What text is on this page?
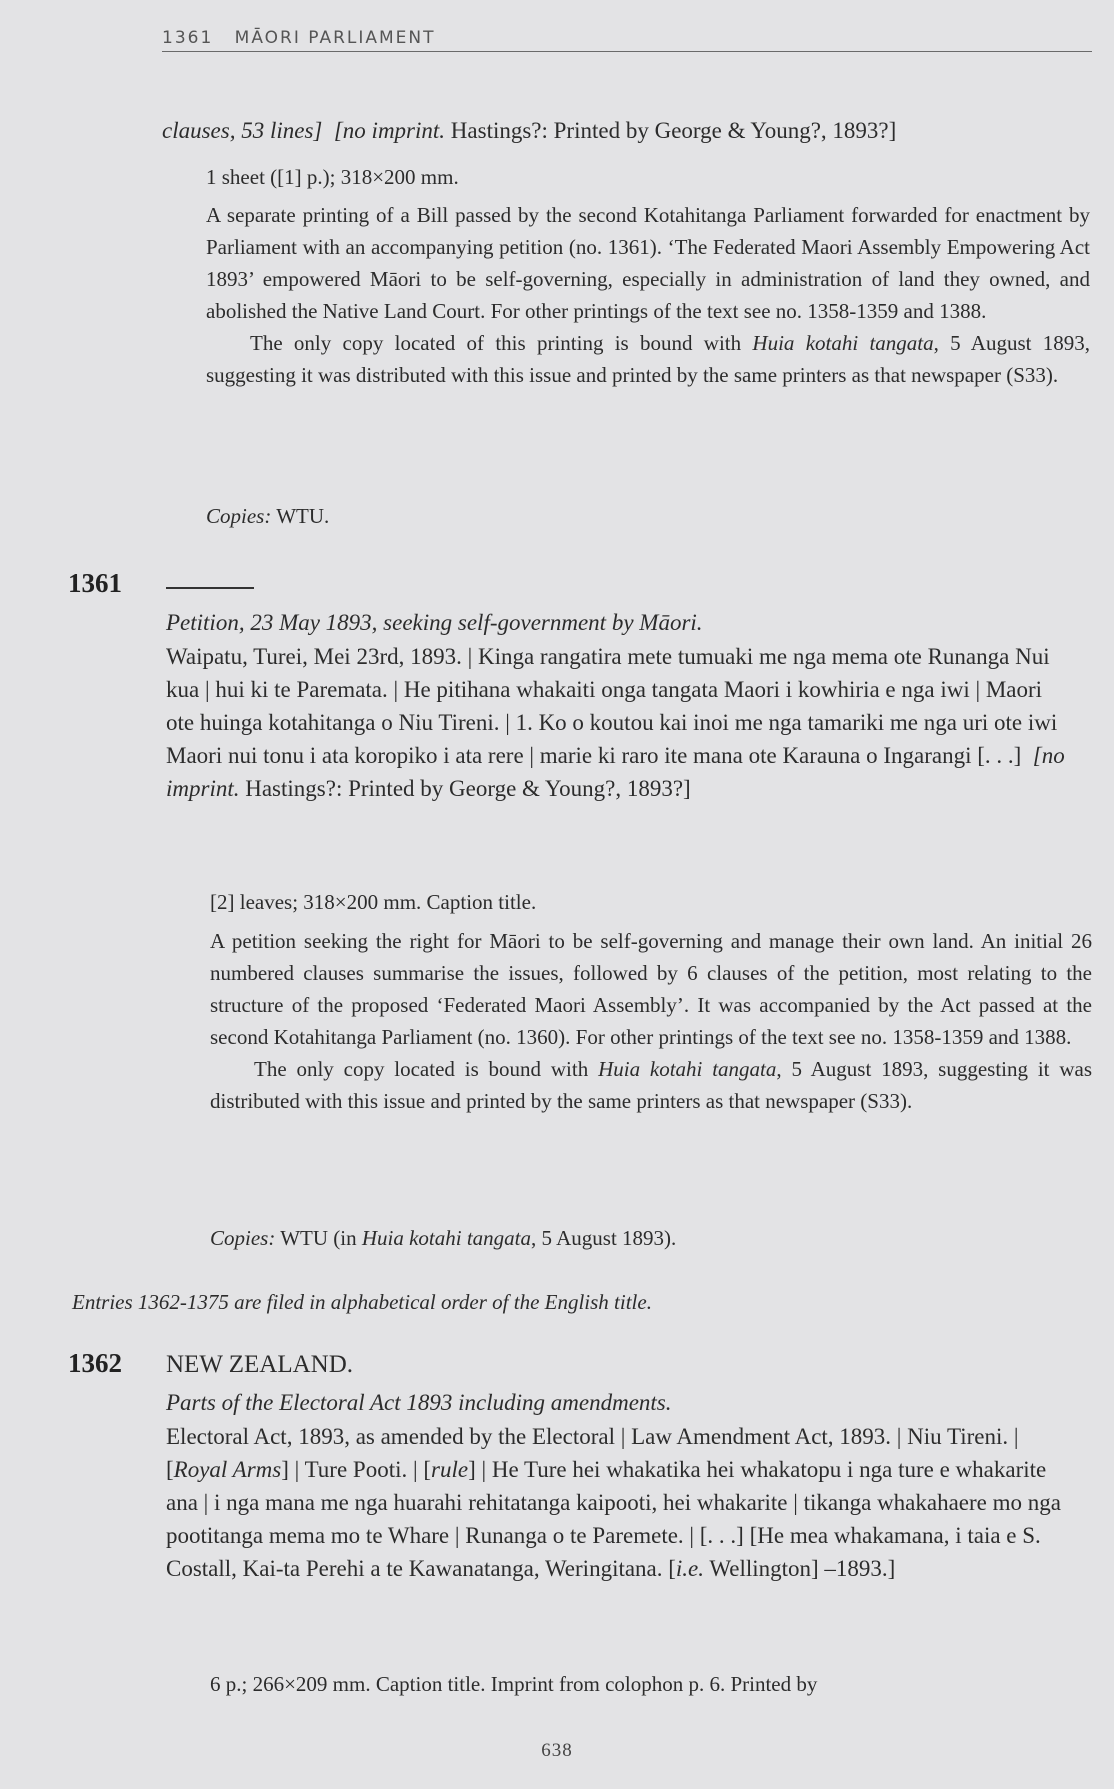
1361 MĀORI PARLIAMENT
clauses, 53 lines] [no imprint. Hastings?: Printed by George & Young?, 1893?]
1 sheet ([1] p.); 318×200 mm.

A separate printing of a Bill passed by the second Kotahitanga Parliament forwarded for enactment by Parliament with an accompanying petition (no. 1361). ‘The Federated Maori Assembly Empowering Act 1893’ empowered Māori to be self-governing, especially in administration of land they owned, and abolished the Native Land Court. For other printings of the text see no. 1358-1359 and 1388.

The only copy located of this printing is bound with Huia kotahi tangata, 5 August 1893, suggesting it was distributed with this issue and printed by the same printers as that newspaper (S33).

Copies: WTU.
1361
Petition, 23 May 1893, seeking self-government by Māori.
Waipatu, Turei, Mei 23rd, 1893. | Kinga rangatira mete tumuaki me nga mema ote Runanga Nui kua | hui ki te Paremata. | He pitihana whakaiti onga tangata Maori i kowhiria e nga iwi | Maori ote huinga kotahitanga o Niu Tireni. | 1. Ko o koutou kai inoi me nga tamariki me nga uri ote iwi Maori nui tonu i ata koropiko i ata rere | marie ki raro ite mana ote Karauna o Ingarangi [. . .] [no imprint. Hastings?: Printed by George & Young?, 1893?]
[2] leaves; 318×200 mm. Caption title.

A petition seeking the right for Māori to be self-governing and manage their own land. An initial 26 numbered clauses summarise the issues, followed by 6 clauses of the petition, most relating to the structure of the proposed ‘Federated Maori Assembly’. It was accompanied by the Act passed at the second Kotahitanga Parliament (no. 1360). For other printings of the text see no. 1358-1359 and 1388.

The only copy located is bound with Huia kotahi tangata, 5 August 1893, suggesting it was distributed with this issue and printed by the same printers as that newspaper (S33).

Copies: WTU (in Huia kotahi tangata, 5 August 1893).
Entries 1362-1375 are filed in alphabetical order of the English title.
1362 NEW ZEALAND.
Parts of the Electoral Act 1893 including amendments.
Electoral Act, 1893, as amended by the Electoral | Law Amendment Act, 1893. | Niu Tireni. | [Royal Arms] | Ture Pooti. | [rule] | He Ture hei whakatika hei whakatopu i nga ture e whakarite ana | i nga mana me nga huarahi rehitatanga kaipooti, hei whakarite | tikanga whakahaere mo nga pootitanga mema mo te Whare | Runanga o te Paremete. | [. . .] [He mea whakamana, i taia e S. Costall, Kai-ta Perehi a te Kawanatanga, Weringitana. [i.e. Wellington] –1893.]
6 p.; 266×209 mm. Caption title. Imprint from colophon p. 6. Printed by
638
